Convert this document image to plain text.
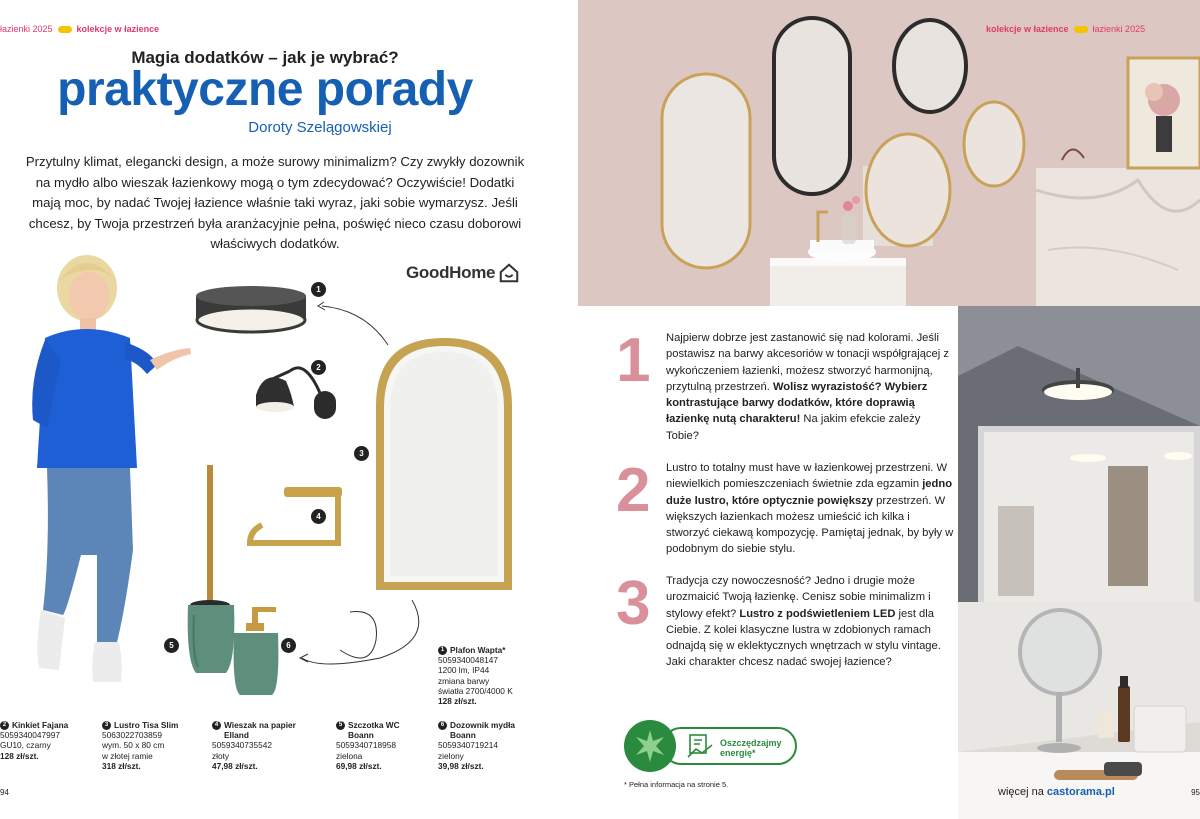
łazienki 2025	kolekcje w łazience
Magia dodatków – jak je wybrać?
praktyczne porady
Doroty Szelągowskiej
Przytulny klimat, elegancki design, a może surowy minimalizm? Czy zwykły dozownik na mydło albo wieszak łazienkowy mogą o tym zdecydować? Oczywiście! Dodatki mają moc, by nadać Twojej łazience właśnie taki wyraz, jaki sobie wymarzysz. Jeśli chcesz, by Twoja przestrzeń była aranżacyjnie pełna, poświęć nieco czasu doborowi właściwych dodatków.
GoodHome
1
2
3
4
5	6
1 Plafon Wapta*
5059340048147
1200 lm, IP44
zmiana barwy
światła 2700/4000 K
128 zł/szt.
2 Kinkiet Fajana
5059340047997
GU10, czarny
128 zł/szt.
3 Lustro Tisa Slim
5063022703859
wym. 50 x 80 cm
w złotej ramie
318 zł/szt.
4 Wieszak na papier Elland
5059340735542
złoty
47,98 zł/szt.
5 Szczotka WC Boann
5059340718958
zielona
69,98 zł/szt.
6 Dozownik mydła Boann
5059340719214
zielony
39,98 zł/szt.
94
kolekcje w łazience	łazienki 2025
1 Najpierw dobrze jest zastanowić się nad kolorami. Jeśli postawisz na barwy akcesoriów w tonacji współgrającej z wykończeniem łazienki, możesz stworzyć harmonijną, przytulną przestrzeń. Wolisz wyrazistość? Wybierz kontrastujące barwy dodatków, które doprawią łazienkę nutą charakteru! Na jakim efekcie zależy Tobie?
2 Lustro to totalny must have w łazienkowej przestrzeni. W niewielkich pomieszczeniach świetnie zda egzamin jedno duże lustro, które optycznie powiększy przestrzeń. W większych łazienkach możesz umieścić ich kilka i stworzyć ciekawą kompozycję. Pamiętaj jednak, by były w podobnym do siebie stylu.
3 Tradycja czy nowoczesność? Jedno i drugie może urozmaicić Twoją łazienkę. Cenisz sobie minimalizm i stylowy efekt? Lustro z podświetleniem LED jest dla Ciebie. Z kolei klasyczne lustra w zdobionych ramach odnajdą się w eklektycznych wnętrzach w stylu vintage. Jaki charakter chcesz nadać swojej łazience?
Oszczędzajmy energię*
* Pełna informacja na stronie 5.
więcej na castorama.pl	95
